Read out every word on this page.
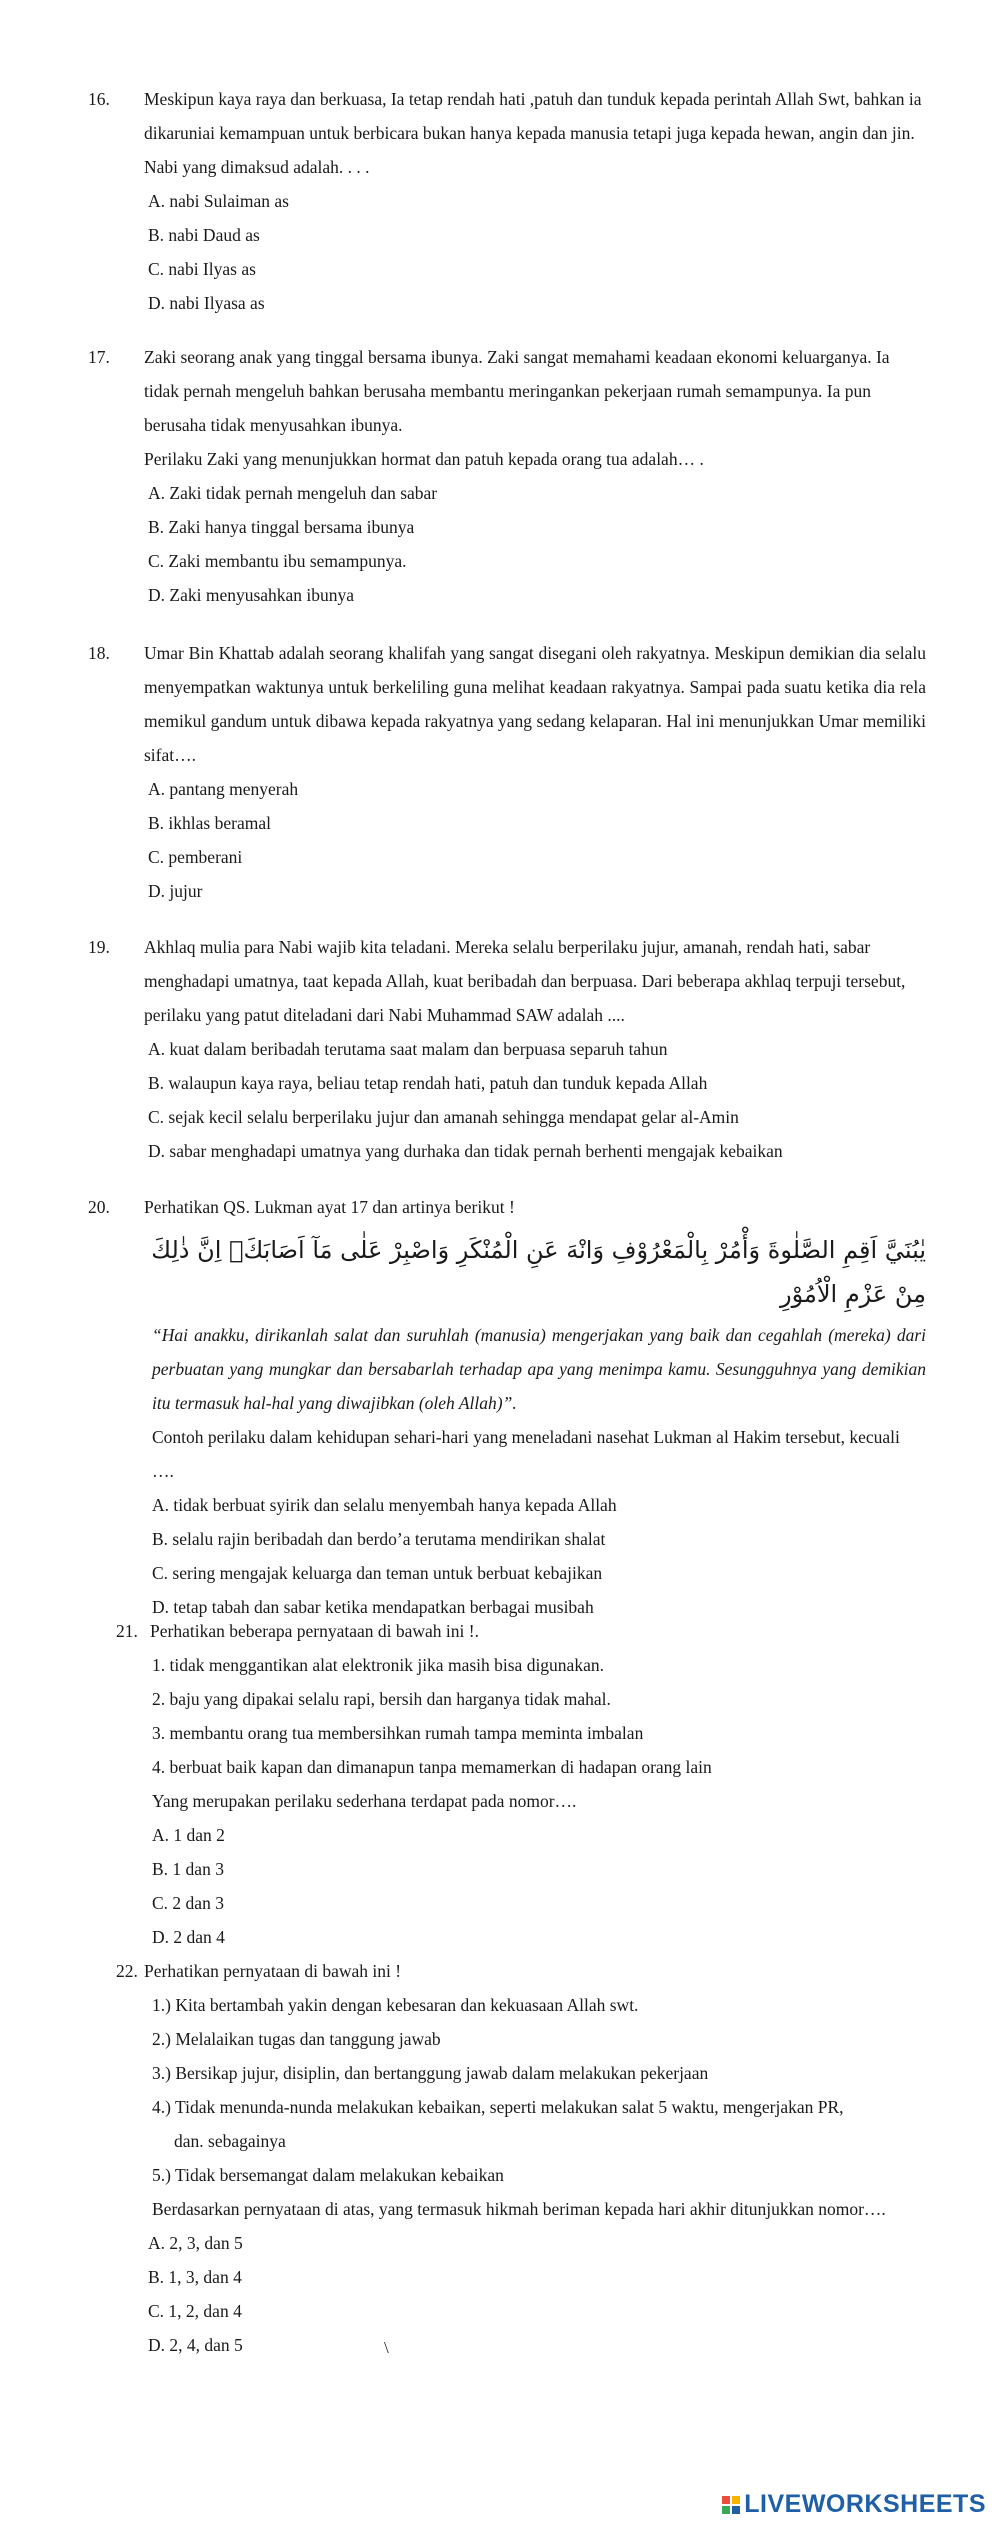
16. Meskipun kaya raya dan berkuasa, Ia tetap rendah hati ,patuh dan tunduk kepada perintah Allah Swt, bahkan ia dikaruniai kemampuan untuk berbicara bukan hanya kepada manusia tetapi juga kepada hewan, angin dan jin. Nabi yang dimaksud adalah. . . .

A. nabi Sulaiman as
B. nabi Daud as
C. nabi Ilyas as
D. nabi Ilyasa as

17. Zaki seorang anak yang tinggal bersama ibunya. Zaki sangat memahami keadaan ekonomi keluarganya. Ia tidak pernah mengeluh bahkan berusaha membantu meringankan pekerjaan rumah semampunya. Ia pun berusaha tidak menyusahkan ibunya.

Perilaku Zaki yang menunjukkan hormat dan patuh kepada orang tua adalah… .

A. Zaki tidak pernah mengeluh dan sabar
B. Zaki hanya tinggal bersama ibunya
C. Zaki membantu ibu semampunya.
D. Zaki menyusahkan ibunya

18. Umar Bin Khattab adalah seorang khalifah yang sangat disegani oleh rakyatnya. Meskipun demikian dia selalu menyempatkan waktunya untuk berkeliling guna melihat keadaan rakyatnya. Sampai pada suatu ketika dia rela memikul gandum untuk dibawa kepada rakyatnya yang sedang kelaparan. Hal ini menunjukkan Umar memiliki sifat….

A. pantang menyerah
B. ikhlas beramal
C. pemberani
D. jujur

19. Akhlaq mulia para Nabi wajib kita teladani. Mereka selalu berperilaku jujur, amanah, rendah hati, sabar menghadapi umatnya, taat kepada Allah, kuat beribadah dan berpuasa. Dari beberapa akhlaq terpuji tersebut, perilaku yang patut diteladani dari Nabi Muhammad SAW adalah ....

A. kuat dalam beribadah terutama saat malam dan berpuasa separuh tahun
B. walaupun kaya raya, beliau tetap rendah hati, patuh dan tunduk kepada Allah
C. sejak kecil selalu berperilaku jujur dan amanah sehingga mendapat gelar al-Amin
D. sabar menghadapi umatnya yang durhaka dan tidak pernah berhenti mengajak kebaikan

20. Perhatikan QS. Lukman ayat 17 dan artinya berikut !

يٰبُنَيَّ اَقِمِ الصَّلٰوةَ وَأْمُرْ بِالْمَعْرُوْفِ وَانْهَ عَنِ الْمُنْكَرِ وَاصْبِرْ عَلٰى مَآ اَصَابَكَۗ اِنَّ ذٰلِكَ مِنْ عَزْمِ الْاُمُوْرِ

“Hai anakku, dirikanlah salat dan suruhlah (manusia) mengerjakan yang baik dan cegahlah (mereka) dari perbuatan yang mungkar dan bersabarlah terhadap apa yang menimpa kamu. Sesungguhnya yang demikian itu termasuk hal-hal yang diwajibkan (oleh Allah)”.

Contoh perilaku dalam kehidupan sehari-hari yang meneladani nasehat Lukman al Hakim tersebut, kecuali ….

A. tidak berbuat syirik dan selalu menyembah hanya kepada Allah
B. selalu rajin beribadah dan berdo’a terutama mendirikan shalat
C. sering mengajak keluarga dan teman untuk berbuat kebajikan
D. tetap tabah dan sabar ketika mendapatkan berbagai musibah

21. Perhatikan beberapa pernyataan di bawah ini !.

1. tidak menggantikan alat elektronik jika masih bisa digunakan.
2. baju yang dipakai selalu rapi, bersih dan harganya tidak mahal.
3. membantu orang tua membersihkan rumah tampa meminta imbalan
4. berbuat baik kapan dan dimanapun tanpa memamerkan di hadapan orang lain

Yang merupakan perilaku sederhana terdapat pada nomor….

A. 1 dan 2
B. 1 dan 3
C. 2 dan 3
D. 2 dan 4

22. Perhatikan pernyataan di bawah ini !

1.) Kita bertambah yakin dengan kebesaran dan kekuasaan Allah swt.
2.) Melalaikan tugas dan tanggung jawab
3.) Bersikap jujur, disiplin, dan bertanggung jawab dalam melakukan pekerjaan
4.) Tidak menunda-nunda melakukan kebaikan, seperti melakukan salat 5 waktu, mengerjakan PR,
dan. sebagainya
5.) Tidak bersemangat dalam melakukan kebaikan

Berdasarkan pernyataan di atas, yang termasuk hikmah beriman kepada hari akhir ditunjukkan nomor….

A. 2, 3, dan 5
B. 1, 3, dan 4
C. 1, 2, dan 4
D. 2, 4, dan 5	\
LIVEWORKSHEETS
